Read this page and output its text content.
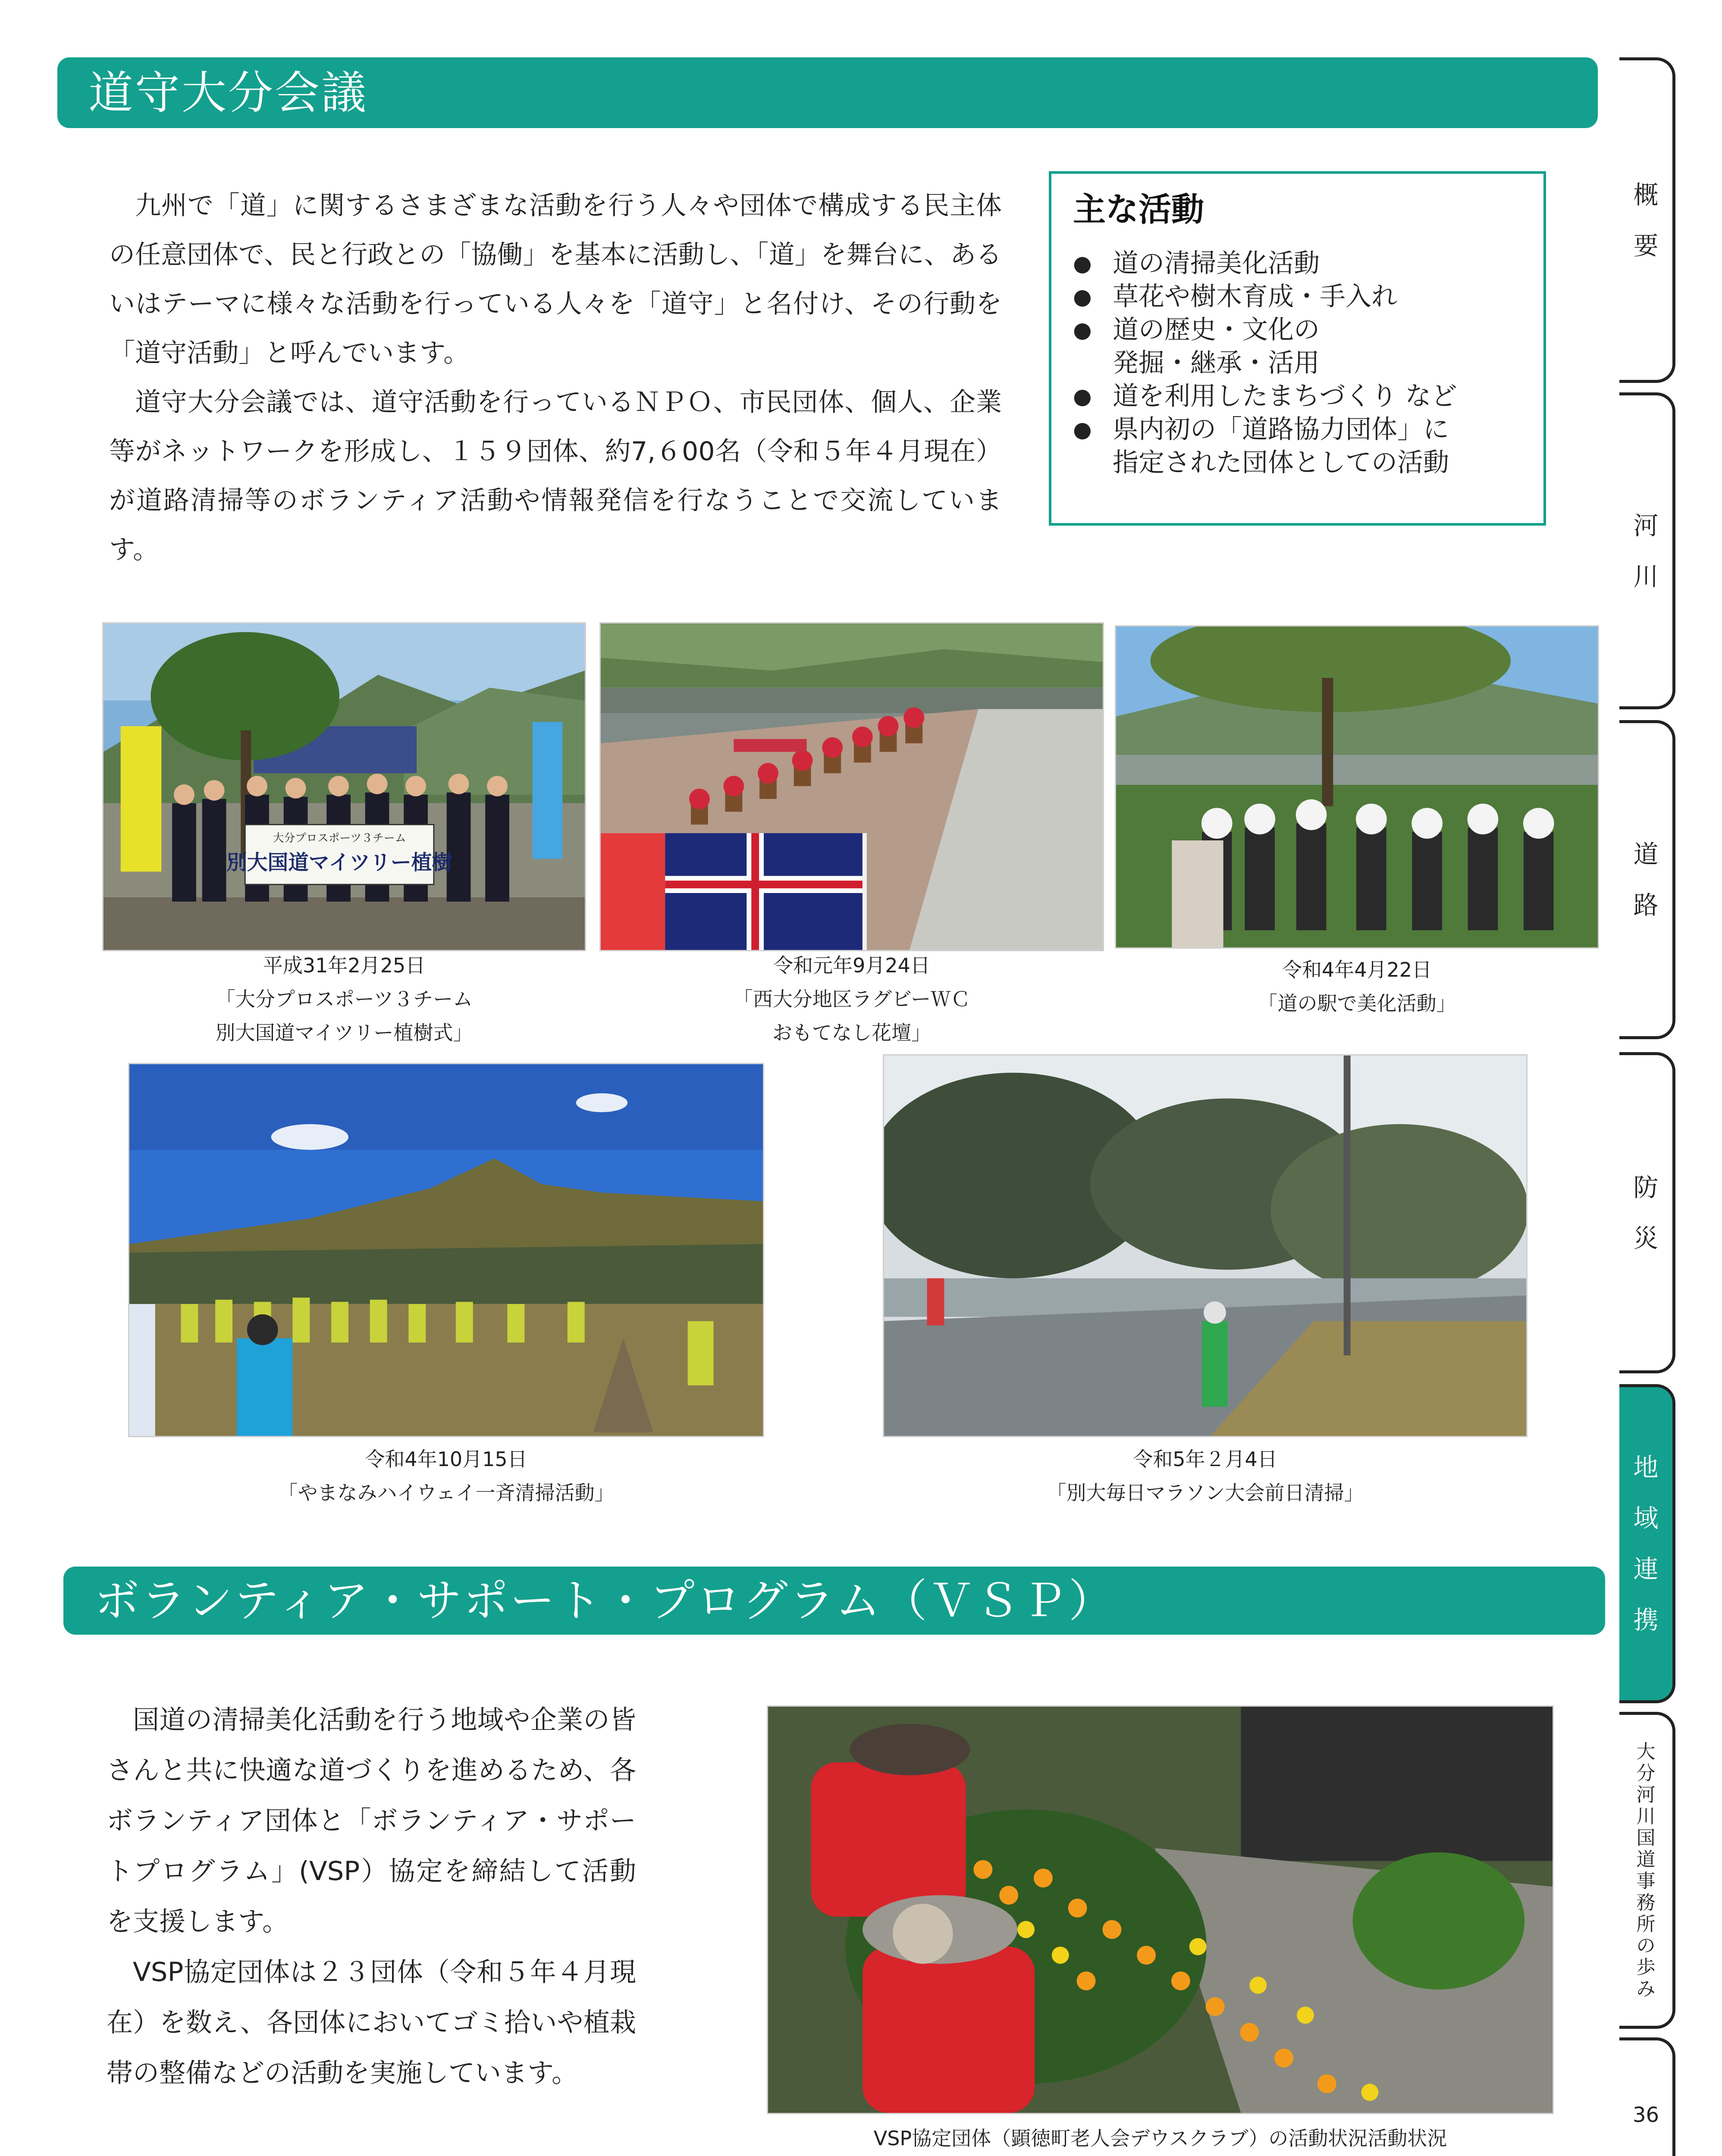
道守大分会議

九州で「道」に関するさまざまな活動を行う人々や団体で構成する民主体の任意団体で、民と行政との「協働」を基本に活動し、「道」を舞台に、あるいはテーマに様々な活動を行っている人々を「道守」と名付け、その行動を「道守活動」と呼んでいます。

道守大分会議では、道守活動を行っているＮＰＯ、市民団体、個人、企業等がネットワークを形成し、１５９団体、約7,６00名（令和５年４月現在）が道路清掃等のボランティア活動や情報発信を行なうことで交流しています。

主な活動
● 道の清掃美化活動
● 草花や樹木育成・手入れ
● 道の歴史・文化の
発掘・継承・活用
● 道を利用したまちづくり など
● 県内初の「道路協力団体」に
指定された団体としての活動
大分プロスポーツ３チーム
別大国道マイツリー植樹
平成31年2月25日
「大分プロスポーツ３チーム
別大国道マイツリー植樹式」
令和元年9月24日
「西大分地区ラグビーＷＣ
おもてなし花壇」
令和4年4月22日
「道の駅で美化活動」
令和4年10月15日
「やまなみハイウェイ一斉清掃活動」
令和5年２月4日
「別大毎日マラソン大会前日清掃」
ボランティア・サポート・プログラム（ＶＳＰ）

国道の清掃美化活動を行う地域や企業の皆さんと共に快適な道づくりを進めるため、各ボランティア団体と「ボランティア・サポートプログラム」(VSP）協定を締結して活動を支援します。

VSP協定団体は２３団体（令和５年４月現在）を数え、各団体においてゴミ拾いや植栽帯の整備などの活動を実施しています。

VSP協定団体（顕徳町老人会デウスクラブ）の活動状況活動状況
概
要
河
川
道
路
防
災
地
域
連
携
大
分
河
川
国
道
事
務
所
の
歩
み
36
